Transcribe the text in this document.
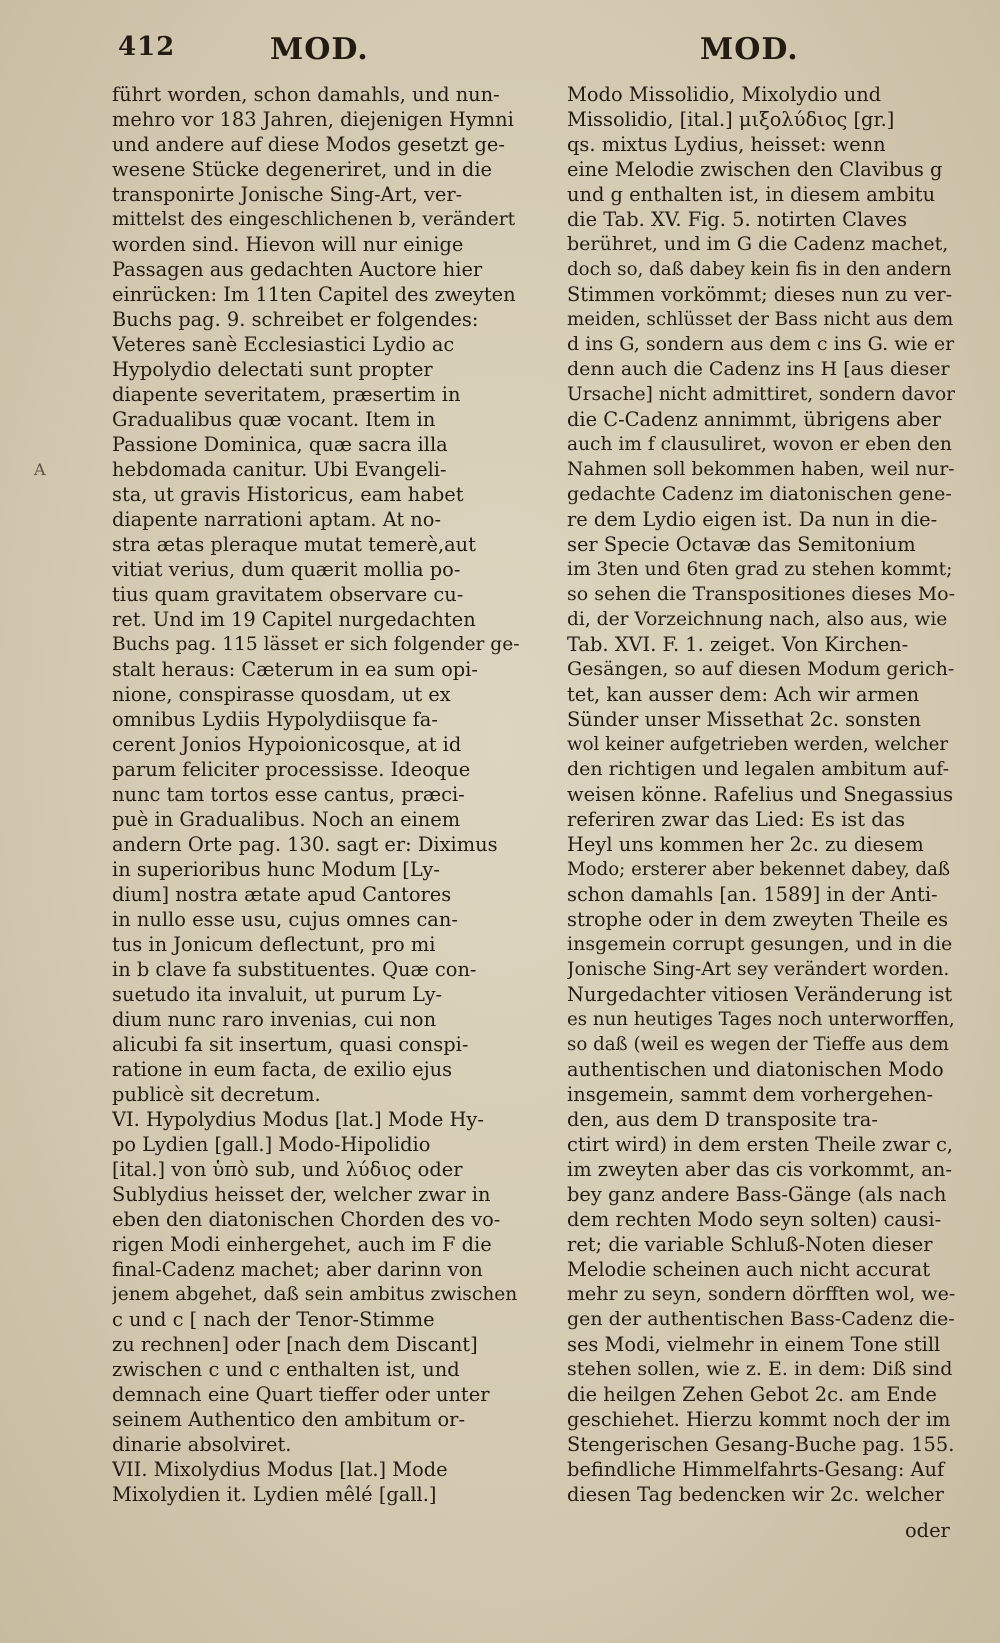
412	MOD.	MOD.
A
führt worden, schon damahls, und nun-
mehro vor 183 Jahren, diejenigen Hymni
und andere auf diese Modos gesetzt ge-
wesene Stücke degeneriret, und in die
transponirte Jonische Sing-Art, ver-
mittelst des eingeschlichenen b, verändert
worden sind. Hievon will nur einige
Passagen aus gedachten Auctore hier
einrücken: Im 11ten Capitel des zweyten
Buchs pag. 9. schreibet er folgendes:
Veteres sanè Ecclesiastici Lydio ac
Hypolydio delectati sunt propter
diapente severitatem, præsertim in
Gradualibus quæ vocant. Item in
Passione Dominica, quæ sacra illa
hebdomada canitur. Ubi Evangeli-
sta, ut gravis Historicus, eam habet
diapente narrationi aptam. At no-
stra ætas pleraque mutat temerè,aut
vitiat verius, dum quærit mollia po-
tius quam gravitatem observare cu-
ret. Und im 19 Capitel nurgedachten
Buchs pag. 115 lässet er sich folgender ge-
stalt heraus: Cæterum in ea sum opi-
nione, conspirasse quosdam, ut ex
omnibus Lydiis Hypolydiisque fa-
cerent Jonios Hypoionicosque, at id
parum feliciter processisse. Ideoque
nunc tam tortos esse cantus, præci-
puè in Gradualibus. Noch an einem
andern Orte pag. 130. sagt er: Diximus
in superioribus hunc Modum [Ly-
dium] nostra ætate apud Cantores
in nullo esse usu, cujus omnes can-
tus in Jonicum deflectunt, pro mi
in b clave fa substituentes. Quæ con-
suetudo ita invaluit, ut purum Ly-
dium nunc raro invenias, cui non
alicubi fa sit insertum, quasi conspi-
ratione in eum facta, de exilio ejus
publicè sit decretum.
VI. Hypolydius Modus [lat.] Mode Hy-
po Lydien [gall.] Modo-Hipolidio
[ital.] von ὑπὸ sub, und λύδιος oder
Sublydius heisset der, welcher zwar in
eben den diatonischen Chorden des vo-
rigen Modi einhergehet, auch im F die
final-Cadenz machet; aber darinn von
jenem abgehet, daß sein ambitus zwischen
c und c [ nach der Tenor-Stimme
zu rechnen] oder [nach dem Discant]
zwischen c und c enthalten ist, und
demnach eine Quart tieffer oder unter
seinem Authentico den ambitum or-
dinarie absolviret.
VII. Mixolydius Modus [lat.] Mode
Mixolydien it. Lydien mêlé [gall.]
Modo Missolidio, Mixolydio und
Missolidio, [ital.] μιξολύδιος [gr.]
qs. mixtus Lydius, heisset: wenn
eine Melodie zwischen den Clavibus g
und g enthalten ist, in diesem ambitu
die Tab. XV. Fig. 5. notirten Claves
berühret, und im G die Cadenz machet,
doch so, daß dabey kein fis in den andern
Stimmen vorkömmt; dieses nun zu ver-
meiden, schlüsset der Bass nicht aus dem
d ins G, sondern aus dem c ins G. wie er
denn auch die Cadenz ins H [aus dieser
Ursache] nicht admittiret, sondern davor
die C-Cadenz annimmt, übrigens aber
auch im f clausuliret, wovon er eben den
Nahmen soll bekommen haben, weil nur-
gedachte Cadenz im diatonischen gene-
re dem Lydio eigen ist. Da nun in die-
ser Specie Octavæ das Semitonium
im 3ten und 6ten grad zu stehen kommt;
so sehen die Transpositiones dieses Mo-
di, der Vorzeichnung nach, also aus, wie
Tab. XVI. F. 1. zeiget. Von Kirchen-
Gesängen, so auf diesen Modum gerich-
tet, kan ausser dem: Ach wir armen
Sünder unser Missethat 2c. sonsten
wol keiner aufgetrieben werden, welcher
den richtigen und legalen ambitum auf-
weisen könne. Rafelius und Snegassius
referiren zwar das Lied: Es ist das
Heyl uns kommen her 2c. zu diesem
Modo; ersterer aber bekennet dabey, daß
schon damahls [an. 1589] in der Anti-
strophe oder in dem zweyten Theile es
insgemein corrupt gesungen, und in die
Jonische Sing-Art sey verändert worden.
Nurgedachter vitiosen Veränderung ist
es nun heutiges Tages noch unterworffen,
so daß (weil es wegen der Tieffe aus dem
authentischen und diatonischen Modo
insgemein, sammt dem vorhergehen-
den, aus dem D transposite tra-
ctirt wird) in dem ersten Theile zwar c,
im zweyten aber das cis vorkommt, an-
bey ganz andere Bass-Gänge (als nach
dem rechten Modo seyn solten) causi-
ret; die variable Schluß-Noten dieser
Melodie scheinen auch nicht accurat
mehr zu seyn, sondern dörfften wol, we-
gen der authentischen Bass-Cadenz die-
ses Modi, vielmehr in einem Tone still
stehen sollen, wie z. E. in dem: Diß sind
die heilgen Zehen Gebot 2c. am Ende
geschiehet. Hierzu kommt noch der im
Stengerischen Gesang-Buche pag. 155.
befindliche Himmelfahrts-Gesang: Auf
diesen Tag bedencken wir 2c. welcher
oder
